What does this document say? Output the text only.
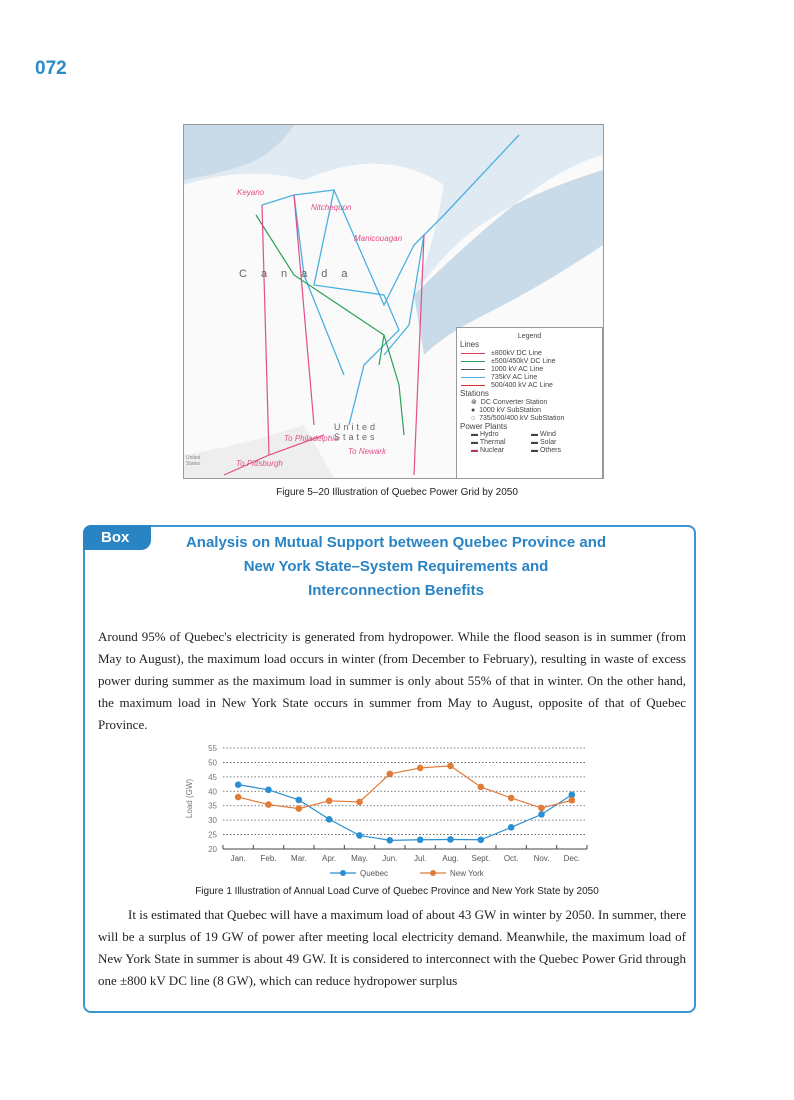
072
Keyano
Nitchequon
Manicouagan
Canada
United States
To Philadelphia
To Newark
To Pittsburgh
United States
Legend
Lines
±800kV DC Line
±500/450kV DC Line
1000 kV AC Line
735kV AC Line
500/400 kV AC Line
Stations
⊗ DC Converter Station
● 1000 kV SubStation
○ 735/500/400 kV SubStation
Power Plants
▬ Hydro	▬ Wind
▬ Thermal	▬ Solar
▬ Nuclear	▬ Others
Figure 5–20 Illustration of Quebec Power Grid by 2050
Box	Analysis on Mutual Support between Quebec Province and
New York State–System Requirements and
Interconnection Benefits
Around 95% of Quebec's electricity is generated from hydropower. While the flood season is in summer (from May to August), the maximum load occurs in winter (from December to February), resulting in waste of excess power during summer as the maximum load in summer is only about 55% of that in winter. On the other hand, the maximum load in New York State occurs in summer from May to August, opposite of that of Quebec Province.
20
25
30
35
40
45
50
55
Load (GW)
Jan. Feb. Mar. Apr. May. Jun. Jul. Aug. Sept. Oct. Nov. Dec.
Quebec	New York
Figure 1 Illustration of Annual Load Curve of Quebec Province and New York State by 2050
It is estimated that Quebec will have a maximum load of about 43 GW in winter by 2050. In summer, there will be a surplus of 19 GW of power after meeting local electricity demand. Meanwhile, the maximum load of New York State in summer is about 49 GW. It is considered to interconnect with the Quebec Power Grid through one ±800 kV DC line (8 GW), which can reduce hydropower surplus
